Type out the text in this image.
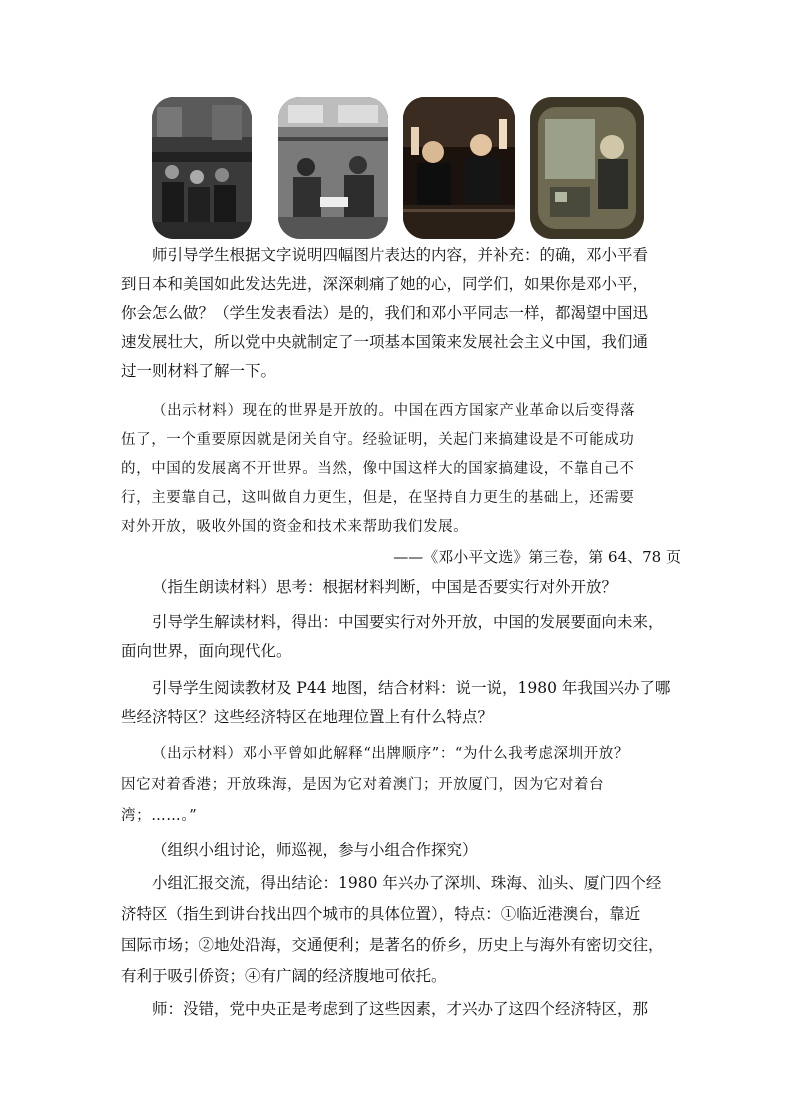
师引导学生根据文字说明四幅图片表达的内容，并补充：的确，邓小平看
到日本和美国如此发达先进，深深刺痛了她的心，同学们，如果你是邓小平，
你会怎么做？（学生发表看法）是的，我们和邓小平同志一样，都渴望中国迅
速发展壮大，所以党中央就制定了一项基本国策来发展社会主义中国，我们通
过一则材料了解一下。
（出示材料）现在的世界是开放的。中国在西方国家产业革命以后变得落
伍了，一个重要原因就是闭关自守。经验证明，关起门来搞建设是不可能成功
的，中国的发展离不开世界。当然，像中国这样大的国家搞建设，不靠自己不
行，主要靠自己，这叫做自力更生，但是，在坚持自力更生的基础上，还需要
对外开放，吸收外国的资金和技术来帮助我们发展。
——《邓小平文选》第三卷，第 64、78 页
（指生朗读材料）思考：根据材料判断，中国是否要实行对外开放？
引导学生解读材料，得出：中国要实行对外开放，中国的发展要面向未来，
面向世界，面向现代化。
引导学生阅读教材及 P44 地图，结合材料：说一说，1980 年我国兴办了哪
些经济特区？这些经济特区在地理位置上有什么特点？
（出示材料）邓小平曾如此解释“出牌顺序”：“为什么我考虑深圳开放？
因它对着香港；开放珠海，是因为它对着澳门；开放厦门，因为它对着台
湾；……。”
（组织小组讨论，师巡视，参与小组合作探究）
小组汇报交流，得出结论：1980 年兴办了深圳、珠海、汕头、厦门四个经
济特区（指生到讲台找出四个城市的具体位置），特点：①临近港澳台，靠近
国际市场；②地处沿海，交通便利；是著名的侨乡，历史上与海外有密切交往，
有利于吸引侨资；④有广阔的经济腹地可依托。
师：没错，党中央正是考虑到了这些因素，才兴办了这四个经济特区，那
